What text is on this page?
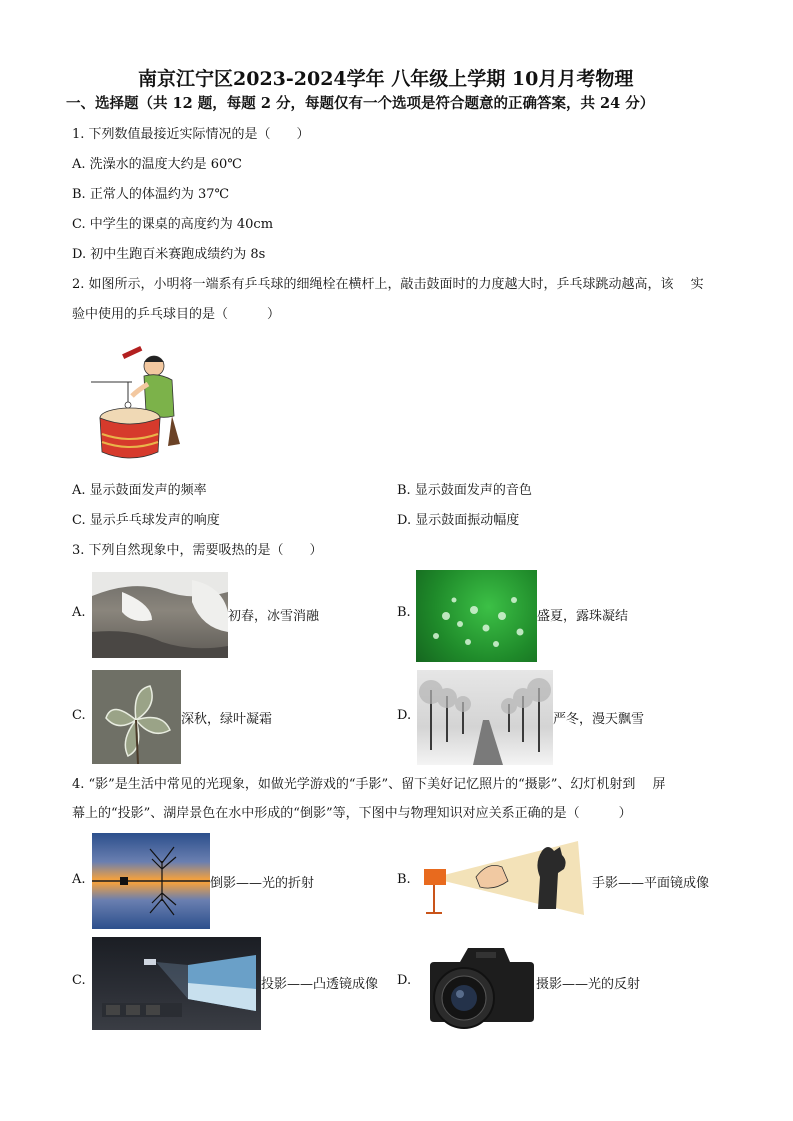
南京江宁区2023-2024学年 八年级上学期 10月月考物理
一、选择题（共 12 题，每题 2 分，每题仅有一个选项是符合题意的正确答案，共 24 分）
1. 下列数值最接近实际情况的是（　　）
A. 洗澡水的温度大约是 60℃
B. 正常人的体温约为 37℃
C. 中学生的课桌的高度约为 40cm
D. 初中生跑百米赛跑成绩约为 8s
2. 如图所示，小明将一端系有乒乓球的细绳栓在横杆上，敲击鼓面时的力度越大时，乒乓球跳动越高，该　 实
验中使用的乒乓球目的是（　　　）
A. 显示鼓面发声的频率	B. 显示鼓面发声的音色
C. 显示乒乓球发声的响度	D. 显示鼓面振动幅度
3. 下列自然现象中，需要吸热的是（　　）
A.	初春，冰雪消融	B.	盛夏，露珠凝结
C.	深秋，绿叶凝霜	D.	严冬，漫天飘雪
4. “影”是生活中常见的光现象，如做光学游戏的“手影”、留下美好记忆照片的“摄影”、幻灯机射到　 屏
幕上的“投影”、湖岸景色在水中形成的“倒影”等，下图中与物理知识对应关系正确的是（　　　）
A.	倒影——光的折射	B.	手影——平面镜成像
C.	投影——凸透镜成像 D.	摄影——光的反射
